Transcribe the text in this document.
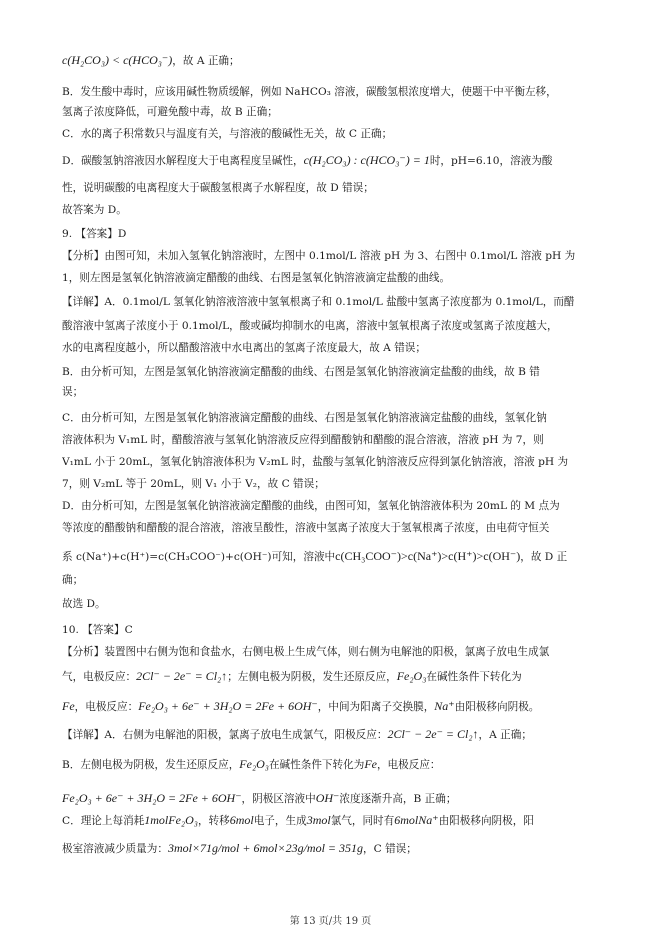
c(H₂CO₃) < c(HCO₃⁻)，故 A 正确；
B．发生酸中毒时，应该用碱性物质缓解，例如 NaHCO₃ 溶液，碳酸氢根浓度增大，使题干中平衡左移，
氢离子浓度降低，可避免酸中毒，故 B 正确；
C．水的离子积常数只与温度有关，与溶液的酸碱性无关，故 C 正确；
D．碳酸氢钠溶液因水解程度大于电离程度呈碱性，c(H₂CO₃) : c(HCO₃⁻) = 1时，pH=6.10，溶液为酸
性，说明碳酸的电离程度大于碳酸氢根离子水解程度，故 D 错误；
故答案为 D。
9. 【答案】D
【分析】由图可知，未加入氢氧化钠溶液时，左图中 0.1mol/L 溶液 pH 为 3、右图中 0.1mol/L 溶液 pH 为
1，则左图是氢氧化钠溶液滴定醋酸的曲线、右图是氢氧化钠溶液滴定盐酸的曲线。
【详解】A．0.1mol/L 氢氧化钠溶液溶液中氢氧根离子和 0.1mol/L 盐酸中氢离子浓度都为 0.1mol/L，而醋
酸溶液中氢离子浓度小于 0.1mol/L，酸或碱均抑制水的电离，溶液中氢氧根离子浓度或氢离子浓度越大，
水的电离程度越小，所以醋酸溶液中水电离出的氢离子浓度最大，故 A 错误；
B．由分析可知，左图是氢氧化钠溶液滴定醋酸的曲线、右图是氢氧化钠溶液滴定盐酸的曲线，故 B 错
误；
C．由分析可知，左图是氢氧化钠溶液滴定醋酸的曲线、右图是氢氧化钠溶液滴定盐酸的曲线，氢氧化钠
溶液体积为 V₁mL 时，醋酸溶液与氢氧化钠溶液反应得到醋酸钠和醋酸的混合溶液，溶液 pH 为 7，则
V₁mL 小于 20mL，氢氧化钠溶液体积为 V₂mL 时，盐酸与氢氧化钠溶液反应得到氯化钠溶液，溶液 pH 为
7，则 V₂mL 等于 20mL，则 V₁ 小于 V₂，故 C 错误；
D．由分析可知，左图是氢氧化钠溶液滴定醋酸的曲线，由图可知，氢氧化钠溶液体积为 20mL 的 M 点为
等浓度的醋酸钠和醋酸的混合溶液，溶液呈酸性，溶液中氢离子浓度大于氢氧根离子浓度，由电荷守恒关
系 c(Na⁺)+c(H⁺)=c(CH₃COO⁻)+c(OH⁻)可知，溶液中c(CH₃COO⁻)>c(Na⁺)>c(H⁺)>c(OH⁻)，故 D 正
确；
故选 D。
10. 【答案】C
【分析】装置图中右侧为饱和食盐水，右侧电极上生成气体，则右侧为电解池的阳极，氯离子放电生成氯
气，电极反应：2Cl⁻ − 2e⁻ = Cl₂↑；左侧电极为阴极，发生还原反应，Fe₂O₃在碱性条件下转化为
Fe，电极反应：Fe₂O₃ + 6e⁻ + 3H₂O = 2Fe + 6OH⁻，中间为阳离子交换膜，Na⁺由阳极移向阴极。
【详解】A．右侧为电解池的阳极，氯离子放电生成氯气，阳极反应：2Cl⁻ − 2e⁻ = Cl₂↑，A 正确；
B．左侧电极为阴极，发生还原反应，Fe₂O₃在碱性条件下转化为Fe，电极反应：
Fe₂O₃ + 6e⁻ + 3H₂O = 2Fe + 6OH⁻，阴极区溶液中OH⁻浓度逐渐升高，B 正确；
C．理论上每消耗1molFe₂O₃，转移6mol电子，生成3mol氯气，同时有6molNa⁺由阳极移向阴极，阳
极室溶液减少质量为：3mol×71g/mol + 6mol×23g/mol = 351g，C 错误；
第 13 页/共 19 页
